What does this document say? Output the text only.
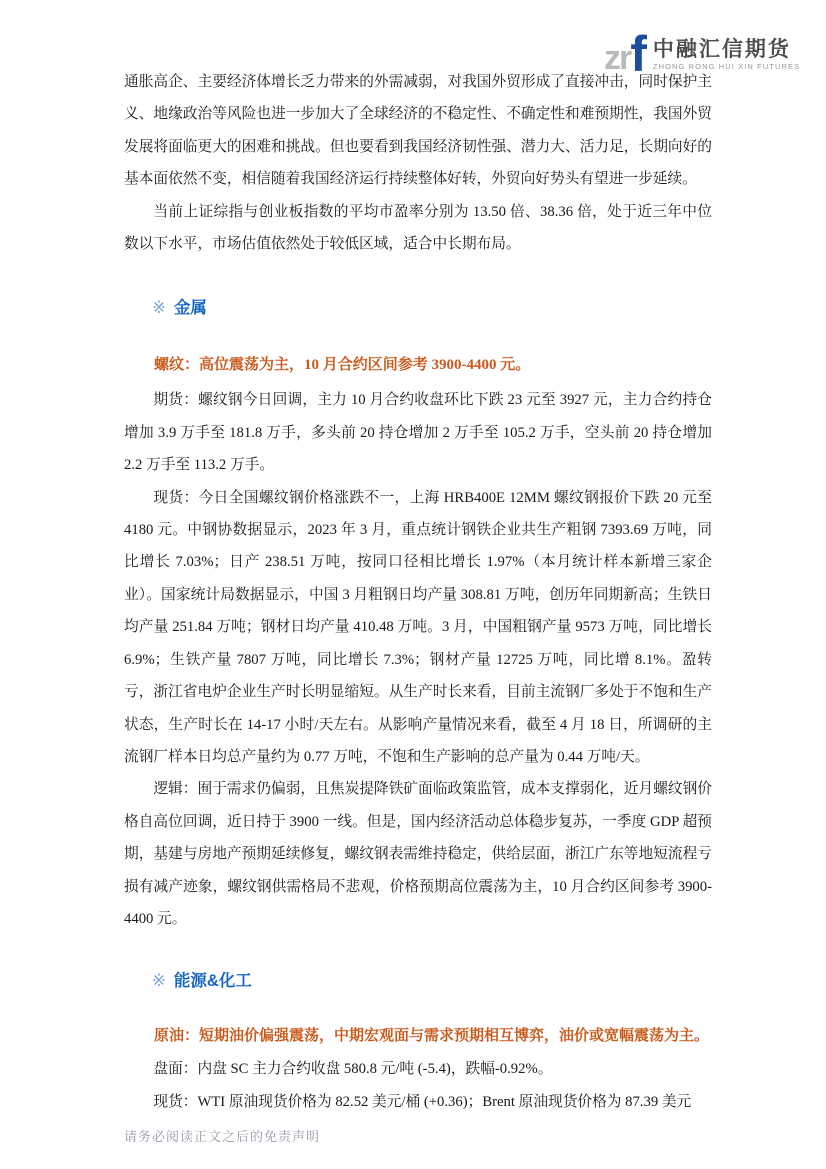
zr f 中融汇信期货
ZHONG RONG HUI XIN FUTURES

通胀高企、主要经济体增长乏力带来的外需减弱，对我国外贸形成了直接冲击，同时保护主义、地缘政治等风险也进一步加大了全球经济的不稳定性、不确定性和难预期性，我国外贸发展将面临更大的困难和挑战。但也要看到我国经济韧性强、潜力大、活力足，长期向好的基本面依然不变，相信随着我国经济运行持续整体好转，外贸向好势头有望进一步延续。

当前上证综指与创业板指数的平均市盈率分别为 13.50 倍、38.36 倍，处于近三年中位数以下水平，市场估值依然处于较低区域，适合中长期布局。

※ 金属
螺纹：高位震荡为主，10 月合约区间参考 3900-4400 元。

期货：螺纹钢今日回调，主力 10 月合约收盘环比下跌 23 元至 3927 元，主力合约持仓增加 3.9 万手至 181.8 万手，多头前 20 持仓增加 2 万手至 105.2 万手，空头前 20 持仓增加 2.2 万手至 113.2 万手。

现货：今日全国螺纹钢价格涨跌不一，上海 HRB400E 12MM 螺纹钢报价下跌 20 元至 4180 元。中钢协数据显示，2023 年 3 月，重点统计钢铁企业共生产粗钢 7393.69 万吨，同比增长 7.03%；日产 238.51 万吨，按同口径相比增长 1.97%（本月统计样本新增三家企业）。国家统计局数据显示，中国 3 月粗钢日均产量 308.81 万吨，创历年同期新高；生铁日均产量 251.84 万吨；钢材日均产量 410.48 万吨。3 月，中国粗钢产量 9573 万吨，同比增长 6.9%；生铁产量 7807 万吨，同比增长 7.3%；钢材产量 12725 万吨，同比增 8.1%。盈转亏，浙江省电炉企业生产时长明显缩短。从生产时长来看，目前主流钢厂多处于不饱和生产状态，生产时长在 14-17 小时/天左右。从影响产量情况来看，截至 4 月 18 日，所调研的主流钢厂样本日均总产量约为 0.77 万吨，不饱和生产影响的总产量为 0.44 万吨/天。

逻辑：囿于需求仍偏弱，且焦炭提降铁矿面临政策监管，成本支撑弱化，近月螺纹钢价格自高位回调，近日持于 3900 一线。但是，国内经济活动总体稳步复苏，一季度 GDP 超预期，基建与房地产预期延续修复，螺纹钢表需维持稳定，供给层面，浙江广东等地短流程亏损有减产迹象，螺纹钢供需格局不悲观，价格预期高位震荡为主，10 月合约区间参考 3900-4400 元。

※ 能源&化工
原油：短期油价偏强震荡，中期宏观面与需求预期相互博弈，油价或宽幅震荡为主。

盘面：内盘 SC 主力合约收盘 580.8 元/吨 (-5.4)，跌幅-0.92%。

现货：WTI 原油现货价格为 82.52 美元/桶 (+0.36)；Brent 原油现货价格为 87.39 美元

请务必阅读正文之后的免责声明
